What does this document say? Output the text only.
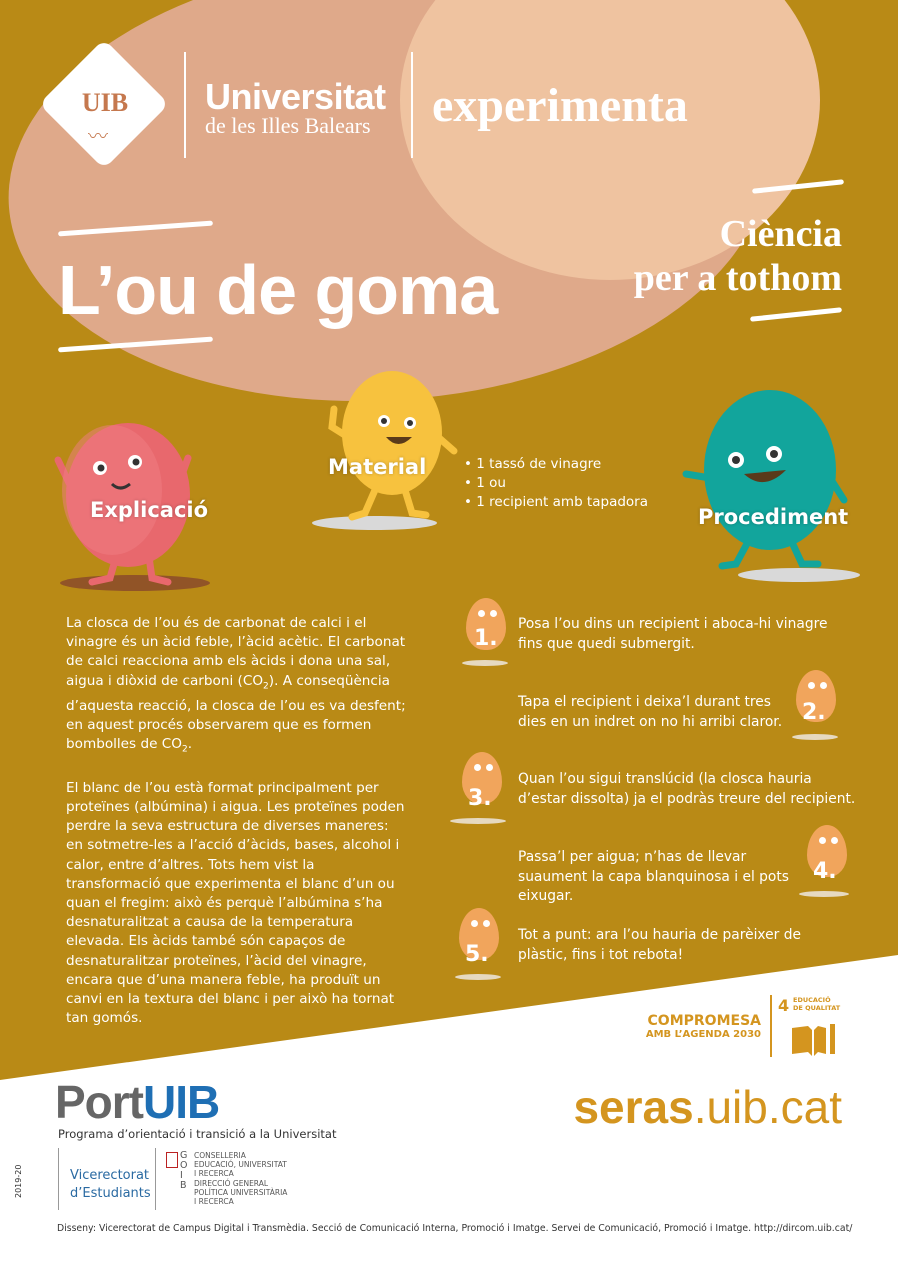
UIB
〰
Universitat
de les Illes Balears experimenta
L’ou de goma
Ciència
per a tothom
Explicació
Material
•	1 tassó de vinagre
• 1 ou
• 1 recipient amb tapadora
Procediment

La closca de l’ou és de carbonat de calci i el vinagre és un àcid feble, l’àcid acètic. El carbonat de calci reacciona amb els àcids i dona una sal, aigua i diòxid de carboni $(CO_2)$. A conseqüència d’aquesta reacció, la closca de l’ou es va desfent; en aquest procés observarem que es formen bombolles de $CO_2$.

El blanc de l’ou està format principalment per proteïnes (albúmina) i aigua. Les proteïnes poden perdre la seva estructura de diverses maneres: en sotmetre-les a l’acció d’àcids, bases, alcohol i calor, entre d’altres. Tots hem vist la transformació que experimenta el blanc d’un ou quan el fregim: això és perquè l’albúmina s’ha desnaturalitzat a causa de la temperatura elevada. Els àcids també són capaços de desnaturalitzar proteïnes, l’àcid del vinagre, encara que d’una manera feble, ha produït un canvi en la textura del blanc i per això ha tornat tan gomós.

1.
Posa l’ou dins un recipient i aboca-hi vinagre fins que quedi submergit.
2.
Tapa el recipient i deixa’l durant tres dies en un indret on no hi arribi claror.
3.
Quan l’ou sigui translúcid (la closca hauria d’estar dissolta) ja el podràs treure del recipient.
4.
Passa’l per aigua; n’has de llevar suaument la capa blanquinosa i el pots eixugar.
5.
Tot a punt: ara l’ou hauria de parèixer de plàstic, fins i tot rebota!
COMPROMESA
AMB L’AGENDA 2030
4 EDUCACIÓ
DE QUALITAT
PortUIB
Programa d’orientació i transició a la Universitat
Vicerectorat
d’Estudiants
G
O
I
B
CONSELLERIA
EDUCACIÓ, UNIVERSITAT
I RECERCA
DIRECCIÓ GENERAL
POLÍTICA UNIVERSITÀRIA
I RECERCA
seras.uib.cat
2019-20
Disseny: Vicerectorat de Campus Digital i Transmèdia. Secció de Comunicació Interna, Promoció i Imatge. Servei de Comunicació, Promoció i Imatge. http://dircom.uib.cat/
